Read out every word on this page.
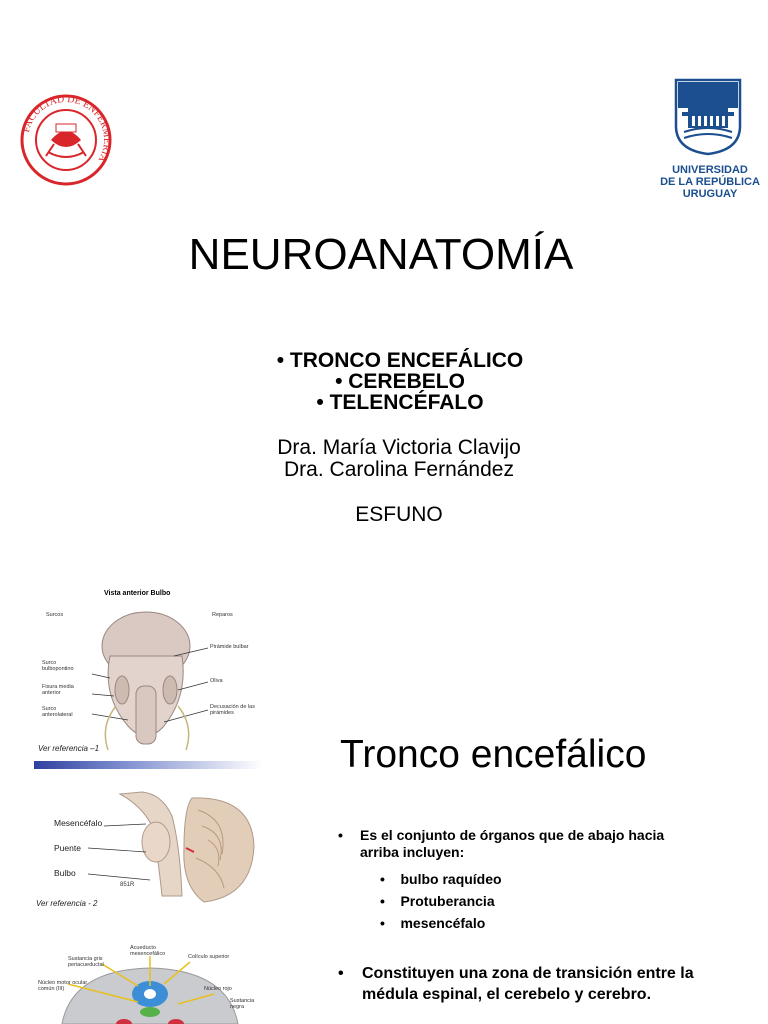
FACULTAD DE ENFERMERIA
UNIVERSIDAD
DE LA REPÚBLICA
URUGUAY
NEUROANATOMÍA
• TRONCO ENCEFÁLICO
• CEREBELO
• TELENCÉFALO
Dra. María Victoria Clavijo
Dra. Carolina Fernández
ESFUNO
Vista anterior Bulbo
Surcos	Reparos
Surco bulbopontino
Fisura media anterior
Surco anterolateral
Pirámide bulbar
Oliva
Decusación de las pirámides
Ver referencia –1
Mesencéfalo
Puente
Bulbo
851R
Ver referencia - 2
Acueducto mesencefálico
Sustancia gris periacueductal
Colículo superior
Núcleo motor ocular común (III)	Núcleo rojo
Sustancia negra
Tronco encefálico
• Es el conjunto de órganos que de abajo hacia arriba incluyen:
•    bulbo raquídeo
•    Protuberancia
•    mesencéfalo
• Constituyen una zona de transición entre la médula espinal, el cerebelo y cerebro.
